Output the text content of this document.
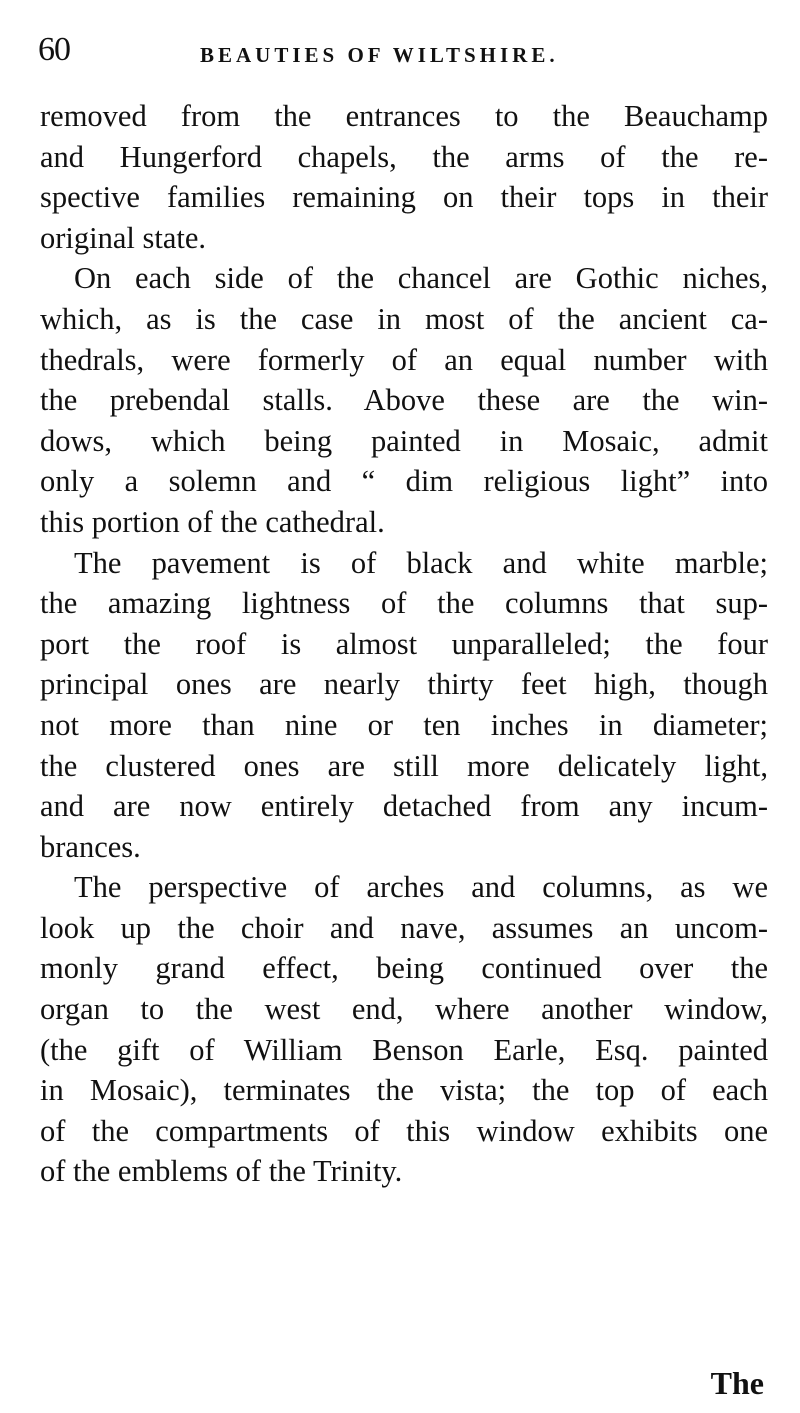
60	BEAUTIES OF WILTSHIRE.

removed from the entrances to the Beauchamp
and Hungerford chapels, the arms of the re-
spective families remaining on their tops in their
original state.

On each side of the chancel are Gothic niches,
which, as is the case in most of the ancient ca-
thedrals, were formerly of an equal number with
the prebendal stalls. Above these are the win-
dows, which being painted in Mosaic, admit
only a solemn and “ dim religious light” into
this portion of the cathedral.

The pavement is of black and white marble;
the amazing lightness of the columns that sup-
port the roof is almost unparalleled; the four
principal ones are nearly thirty feet high, though
not more than nine or ten inches in diameter;
the clustered ones are still more delicately light,
and are now entirely detached from any incum-
brances.

The perspective of arches and columns, as we
look up the choir and nave, assumes an uncom-
monly grand effect, being continued over the
organ to the west end, where another window,
(the gift of William Benson Earle, Esq. painted
in Mosaic), terminates the vista; the top of each
of the compartments of this window exhibits one
of the emblems of the Trinity.

The
